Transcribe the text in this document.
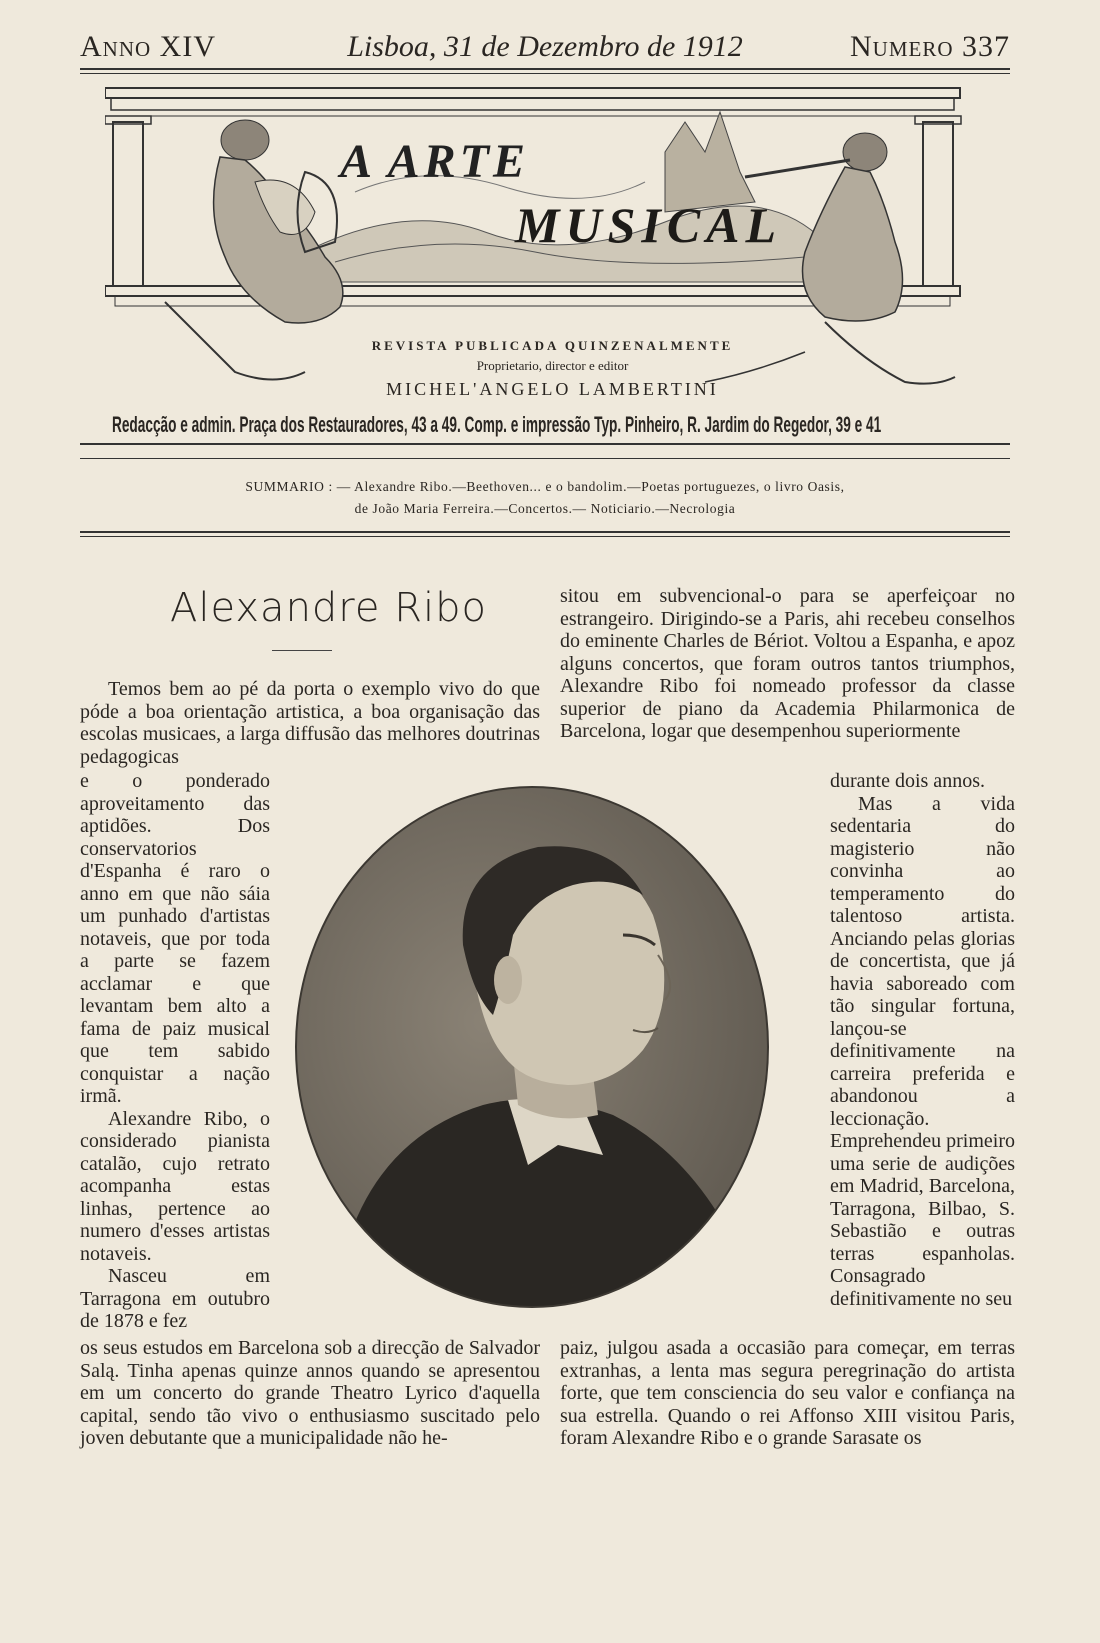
Anno XIV	Lisboa, 31 de Dezembro de 1912	Numero 337
A ARTE
MUSICAL
REVISTA PUBLICADA QUINZENALMENTE
Proprietario, director e editor
MICHEL'ANGELO LAMBERTINI
Redacção e admin. Praça dos Restauradores, 43 a 49. Comp. e impressão Typ. Pinheiro, R. Jardim do Regedor, 39 e 41
SUMMARIO : — Alexandre Ribo.—Beethoven... e o bandolim.—Poetas portuguezes, o livro Oasis,
de João Maria Ferreira.—Concertos.— Noticiario.—Necrologia
Alexandre Ribo

Temos bem ao pé da porta o exemplo vivo do que póde a boa orientação artistica, a boa organisação das escolas musicaes, a larga diffusão das melhores doutrinas pedagogicas

e o ponderado aproveitamento das aptidões. Dos conservatorios d'Espanha é raro o anno em que não sáia um punhado d'artistas notaveis, que por toda a parte se fazem acclamar e que levantam bem alto a fama de paiz musical que tem sabido conquistar a nação irmã.

Alexandre Ribo, o considerado pianista catalão, cujo retrato acompanha estas linhas, pertence ao numero d'esses artistas notaveis.

Nasceu em Tarragona em outubro de 1878 e fez

os seus estudos em Barcelona sob a direcção de Salvador Salą. Tinha apenas quinze annos quando se apresentou em um concerto do grande Theatro Lyrico d'aquella capital, sendo tão vivo o enthusiasmo suscitado pelo joven debutante que a municipalidade não he-

sitou em subvencional-o para se aperfeiçoar no estrangeiro. Dirigindo-se a Paris, ahi recebeu conselhos do eminente Charles de Bériot. Voltou a Espanha, e apoz alguns concertos, que foram outros tantos triumphos, Alexandre Ribo foi nomeado professor da classe superior de piano da Academia Philarmonica de Barcelona, logar que desempenhou superiormente

durante dois annos.

Mas a vida sedentaria do magisterio não convinha ao temperamento do talentoso artista. Anciando pelas glorias de concertista, que já havia saboreado com tão singular fortuna, lançou-se definitivamente na carreira preferida e abandonou a leccionação. Emprehendeu primeiro uma serie de audições em Madrid, Barcelona, Tarragona, Bilbao, S. Sebastião e outras terras espanholas. Consagrado definitivamente no seu

paiz, julgou asada a occasião para começar, em terras extranhas, a lenta mas segura peregrinação do artista forte, que tem consciencia do seu valor e confiança na sua estrella. Quando o rei Affonso XIII visitou Paris, foram Alexandre Ribo e o grande Sarasate os
